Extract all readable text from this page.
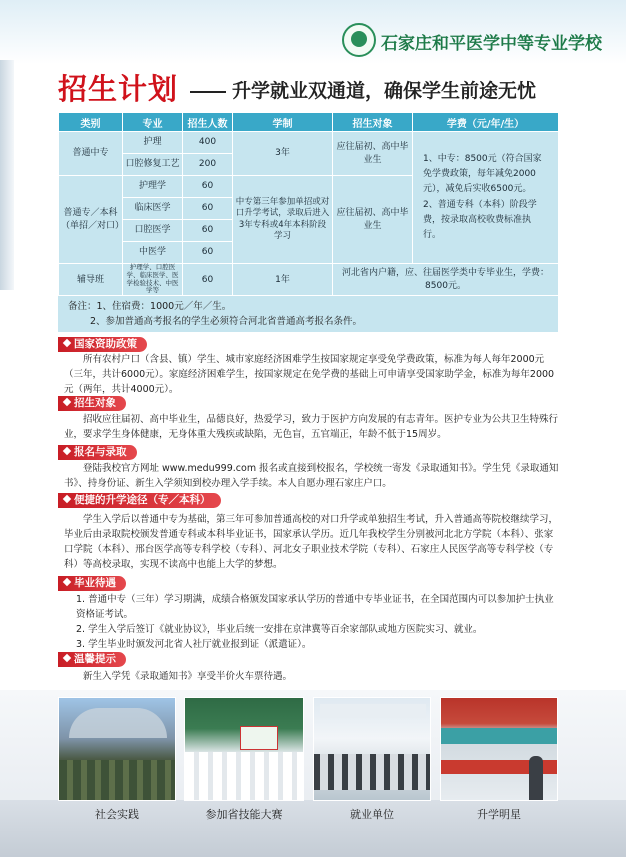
石家庄和平医学中等专业学校
招生计划	升学就业双通道，确保学生前途无忧
类别	专业	招生人数	学制	招生对象	学费（元/年/生）
普通中专	护理	400	3年	应往届初、高中毕业生	1、中专：8500元（符合国家免学费政策，每年减免2000元），减免后实收6500元。
2、普通专科（本科）阶段学费，按录取高校收费标准执行。

	口腔修复工艺	200			
普通专／本科（单招／对口）	护理学	60	中专第三年参加单招或对口升学考试，录取后进入3年专科或4年本科阶段学习	应往届初、高中毕业生	
	临床医学	60			
	口腔医学	60			
	中医学	60			
辅导班	护理学、口腔医学、临床医学、医学检验技术、中医学等	60	1年	河北省内户籍，应、往届医学类中专毕业生，学费：8500元。	
备注：1、住宿费：1000元／年／生。
2、参加普通高考报名的学生必须符合河北省普通高考报名条件。
国家资助政策

所有农村户口（含县、镇）学生、城市家庭经济困难学生按国家规定享受免学费政策，标准为每人每年2000元（三年，共计6000元）。家庭经济困难学生，按国家规定在免学费的基础上可申请享受国家助学金，标准为每年2000元（两年，共计4000元）。

招生对象

招收应往届初、高中毕业生，品德良好，热爱学习，致力于医护方向发展的有志青年。医护专业为公共卫生特殊行业，要求学生身体健康，无身体重大残疾或缺陷，无色盲，五官端正，年龄不低于15周岁。

报名与录取

登陆我校官方网址 www.medu999.com 报名或直接到校报名，学校统一寄发《录取通知书》。学生凭《录取通知书》、持身份证、新生入学须知到校办理入学手续。本人自愿办理石家庄户口。

便捷的升学途径（专／本科）

学生入学后以普通中专为基础，第三年可参加普通高校的对口升学或单独招生考试，升入普通高等院校继续学习，毕业后由录取院校颁发普通专科或本科毕业证书，国家承认学历。近几年我校学生分别被河北北方学院（本科）、张家口学院（本科）、邢台医学高等专科学校（专科）、河北女子职业技术学院（专科）、石家庄人民医学高等专科学校（专科）等高校录取，实现不读高中也能上大学的梦想。

毕业待遇
1. 普通中专（三年）学习期满，成绩合格颁发国家承认学历的普通中专毕业证书，在全国范围内可以参加护士执业资格证考试。
2. 学生入学后签订《就业协议》，毕业后统一安排在京津冀等百余家部队或地方医院实习、就业。
3. 学生毕业时颁发河北省人社厅就业报到证（派遣证）。
温馨提示

新生入学凭《录取通知书》享受半价火车票待遇。

社会实践	参加省技能大赛	就业单位	升学明星
